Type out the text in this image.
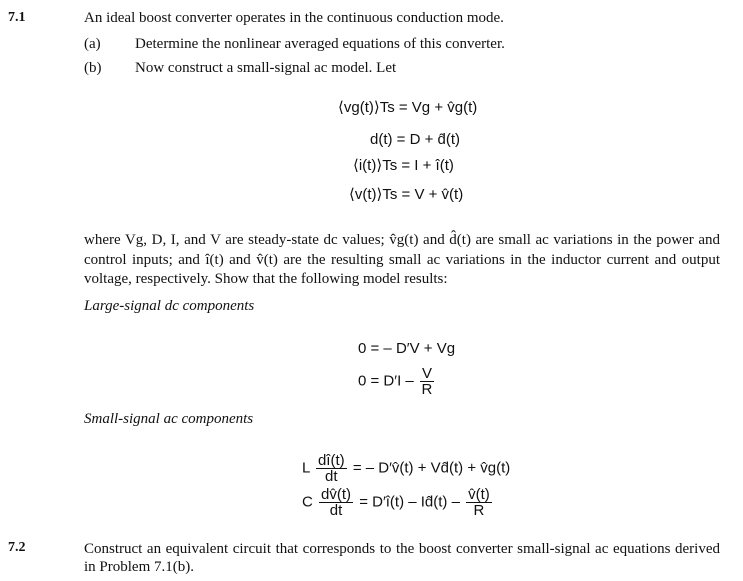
7.1	An ideal boost converter operates in the continuous conduction mode.
(a) Determine the nonlinear averaged equations of this converter.
(b) Now construct a small-signal ac model. Let
⟨vg(t)⟩Ts = Vg + v̂g(t)
d(t) = D + d̂(t)
⟨i(t)⟩Ts = I + î(t)
⟨v(t)⟩Ts = V + v̂(t)
where Vg, D, I, and V are steady-state dc values; v̂g(t) and d̂(t) are small ac variations in the power and control inputs; and î(t) and v̂(t) are the resulting small ac variations in the inductor current and output voltage, respectively. Show that the following model results:
Large-signal dc components
0 = – D′V + Vg
$0 = D'I - \frac{V}{R}$
Small-signal ac components
L $\frac{dî(t)}{dt}$ = – D′v̂(t) + Vd̂(t) + v̂g(t)
C $\frac{dv̂(t)}{dt}$ = D′î(t) – Id̂(t) – $\frac{v̂(t)}{R}$
7.2	Construct an equivalent circuit that corresponds to the boost converter small-signal ac equations derived in Problem 7.1(b).
